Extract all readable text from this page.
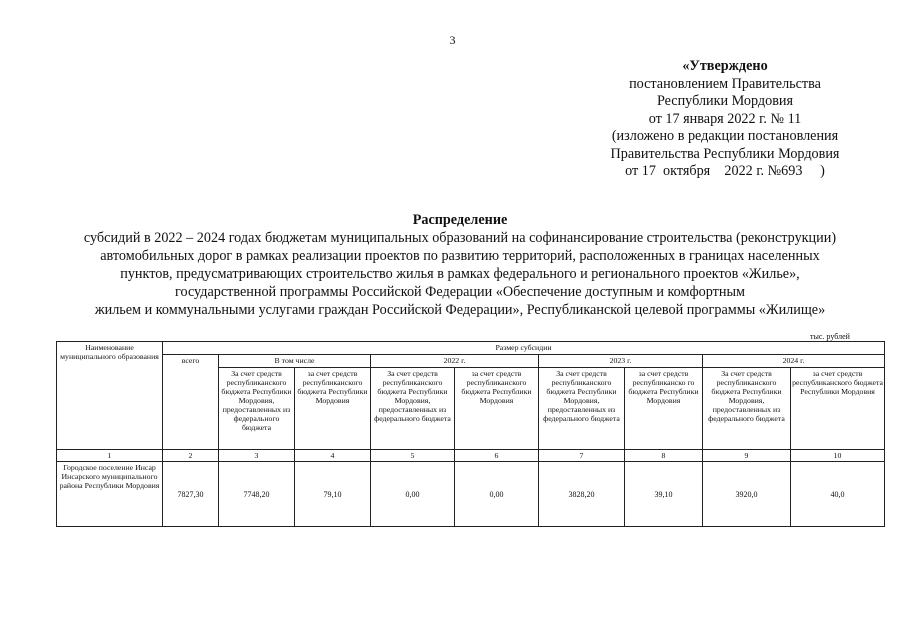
3
«Утверждено
постановлением Правительства
Республики Мордовия
от 17 января 2022 г. № 11
(изложено в редакции постановления
Правительства Республики Мордовия
от 17  октября    2022 г. №693     )
Распределение
субсидий в 2022 – 2024 годах бюджетам муниципальных образований на софинансирование строительства (реконструкции)
автомобильных дорог в рамках реализации проектов по развитию территорий, расположенных в границах населенных
пунктов, предусматривающих строительство жилья в рамках федерального и регионального проектов «Жилье»,
государственной программы Российской Федерации «Обеспечение доступным и комфортным
жильем и коммунальными услугами граждан Российской Федерации», Республиканской целевой программы «Жилище»
тыс. рублей
Наименование муниципального образования	Размер субсидии								
	всего	В том числе		2022 г.		2023 г.		2024 г.	
		За счет средств республиканского бюджета Республики Мордовия, предоставленных из федерального бюджета	за счет средств республиканского бюджета Республики Мордовия	За счет средств республиканского бюджета Республики Мордовия, предоставленных из федерального бюджета	за счет средств республиканского бюджета Республики Мордовия	За счет средств республиканского бюджета Республики Мордовия, предоставленных из федерального бюджета	за счет средств республиканско го бюджета Республики Мордовия	За счет средств республиканского бюджета Республики Мордовия, предоставленных из федерального бюджета	за счет средств республиканского бюджета Республики Мордовия
1	2	3	4	5	6	7	8	9	10
Городское поселение Инсар Инсарского муниципального района Республики Мордовия	7827,30	7748,20	79,10	0,00	0,00	3828,20	39,10	3920,0	40,0
